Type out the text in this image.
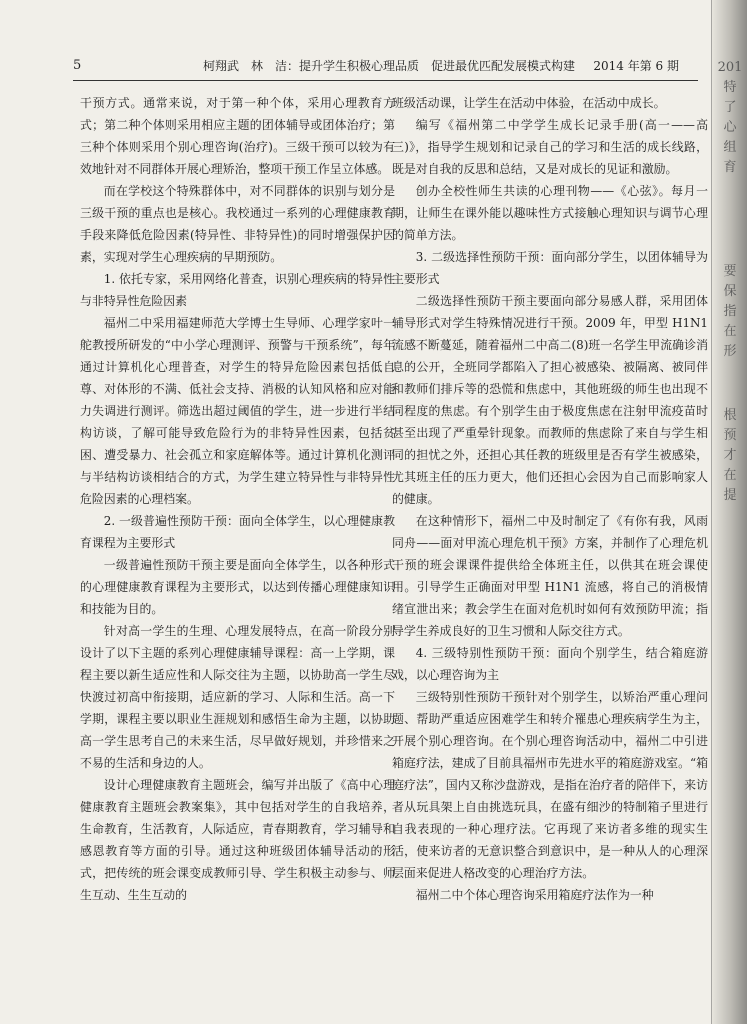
201
特
了
心
组
育
要
保
指
在
形
根
预
才
在
提
5	柯翔武　林　洁：提升学生积极心理品质　促进最优匹配发展模式构建 2014 年第 6 期

干预方式。通常来说，对于第一种个体，采用心理教育方式；第二种个体则采用相应主题的团体辅导或团体治疗；第三种个体则采用个别心理咨询(治疗)。三级干预可以较为有效地针对不同群体开展心理矫治，整项干预工作呈立体感。

而在学校这个特殊群体中，对不同群体的识别与划分是三级干预的重点也是核心。我校通过一系列的心理健康教育手段来降低危险因素(特异性、非特异性)的同时增强保护因素，实现对学生心理疾病的早期预防。

1. 依托专家，采用网络化普查，识别心理疾病的特异性与非特异性危险因素

福州二中采用福建师范大学博士生导师、心理学家叶一舵教授所研发的“中小学心理测评、预警与干预系统”，每年通过计算机化心理普查，对学生的特异危险因素包括低自尊、对体形的不满、低社会支持、消极的认知风格和应对能力失调进行测评。筛选出超过阈值的学生，进一步进行半结构访谈，了解可能导致危险行为的非特异性因素，包括贫困、遭受暴力、社会孤立和家庭解体等。通过计算机化测评与半结构访谈相结合的方式，为学生建立特异性与非特异性危险因素的心理档案。

2. 一级普遍性预防干预：面向全体学生，以心理健康教育课程为主要形式

一级普遍性预防干预主要是面向全体学生，以各种形式的心理健康教育课程为主要形式，以达到传播心理健康知识和技能为目的。

针对高一学生的生理、心理发展特点，在高一阶段分别设计了以下主题的系列心理健康辅导课程：高一上学期，课程主要以新生适应性和人际交往为主题，以协助高一学生尽快渡过初高中衔接期，适应新的学习、人际和生活。高一下学期，课程主要以职业生涯规划和感悟生命为主题，以协助高一学生思考自己的未来生活，尽早做好规划，并珍惜来之不易的生活和身边的人。

设计心理健康教育主题班会，编写并出版了《高中心理健康教育主题班会教案集》，其中包括对学生的自我培养，生命教育，生活教育，人际适应，青春期教育，学习辅导和感恩教育等方面的引导。通过这种班级团体辅导活动的形式，把传统的班会课变成教师引导、学生积极主动参与、师生互动、生生互动的

班级活动课，让学生在活动中体验，在活动中成长。

编写《福州第二中学学生成长记录手册(高一——高三)》，指导学生规划和记录自己的学习和生活的成长线路，既是对自我的反思和总结，又是对成长的见证和激励。

创办全校性师生共读的心理刊物——《心弦》。每月一期，让师生在课外能以趣味性方式接触心理知识与调节心理的简单方法。

3. 二级选择性预防干预：面向部分学生，以团体辅导为主要形式

二级选择性预防干预主要面向部分易感人群，采用团体辅导形式对学生特殊情况进行干预。2009 年，甲型 H1N1 流感不断蔓延，随着福州二中高二(8)班一名学生甲流确诊消息的公开，全班同学都陷入了担心被感染、被隔离、被同伴和教师们排斥等的恐慌和焦虑中，其他班级的师生也出现不同程度的焦虑。有个别学生由于极度焦虑在注射甲流疫苗时甚至出现了严重晕针现象。而教师的焦虑除了来自与学生相同的担忧之外，还担心其任教的班级里是否有学生被感染，尤其班主任的压力更大，他们还担心会因为自己而影响家人的健康。

在这种情形下，福州二中及时制定了《有你有我，风雨同舟——面对甲流心理危机干预》方案，并制作了心理危机干预的班会课课件提供给全体班主任，以供其在班会课使用。引导学生正确面对甲型 H1N1 流感，将自己的消极情绪宣泄出来；教会学生在面对危机时如何有效预防甲流；指导学生养成良好的卫生习惯和人际交往方式。

4. 三级特别性预防干预：面向个别学生，结合箱庭游戏，以心理咨询为主

三级特别性预防干预针对个别学生，以矫治严重心理问题、帮助严重适应困难学生和转介罹患心理疾病学生为主，开展个别心理咨询。在个别心理咨询活动中，福州二中引进箱庭疗法，建成了目前具福州市先进水平的箱庭游戏室。“箱庭疗法”，国内又称沙盘游戏，是指在治疗者的陪伴下，来访者从玩具架上自由挑选玩具，在盛有细沙的特制箱子里进行自我表现的一种心理疗法。它再现了来访者多维的现实生活，使来访者的无意识整合到意识中，是一种从人的心理深层面来促进人格改变的心理治疗方法。

福州二中个体心理咨询采用箱庭疗法作为一种
